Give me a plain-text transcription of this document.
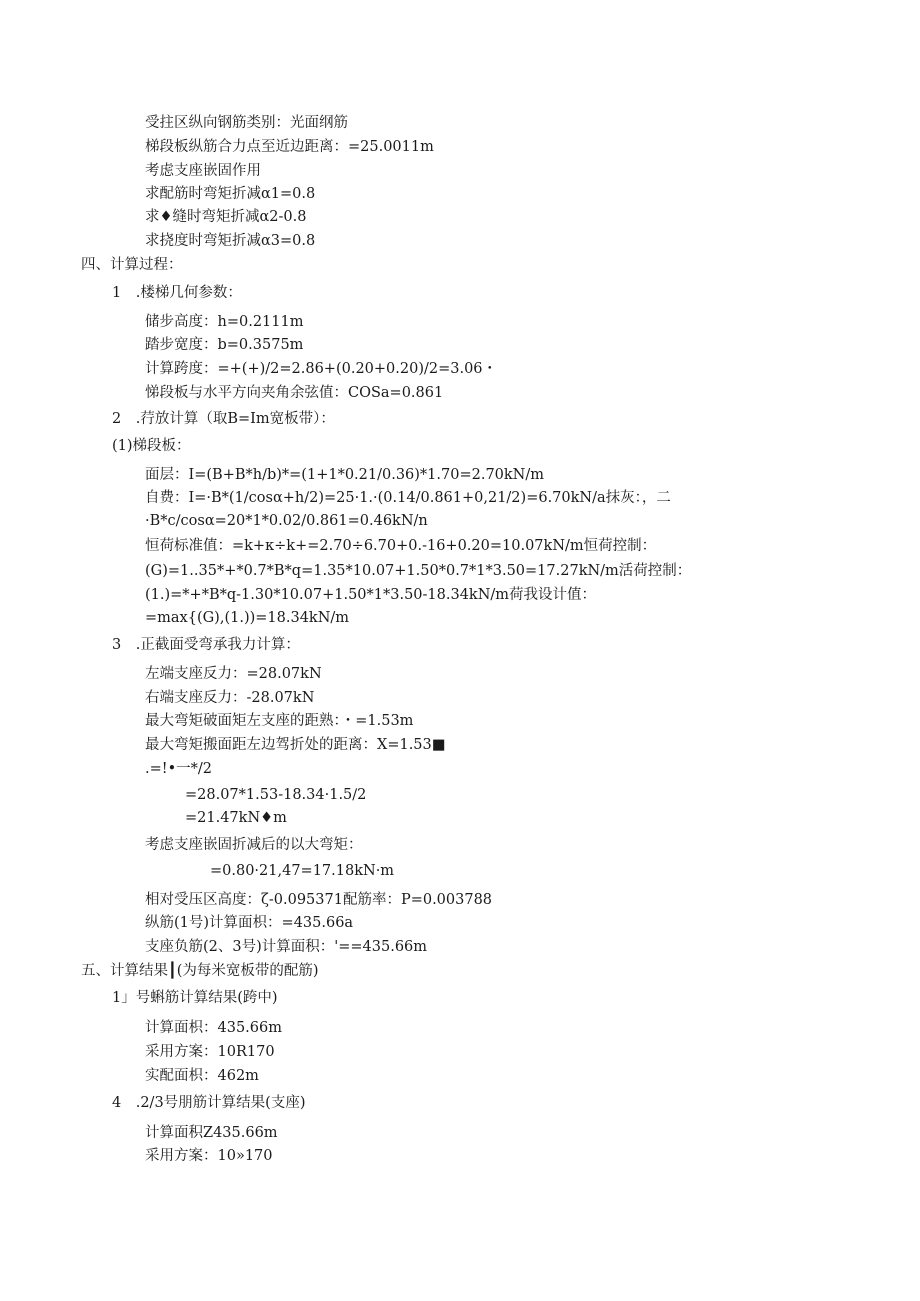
受拄区纵向钢筋类别：光面纲筋
梯段板纵筋合力点至近边距离：=25.0011m
考虑支座嵌固作用
求配筋时弯矩折减α1=0.8
求♦缝时弯矩折减α2-0.8
求挠度时弯矩折减α3=0.8
四、计算过程：
1　.楼梯几何参数：
储步高度：h=0.2111m
踏步宽度：b=0.3575m
计算跨度：=+(+)/2=2.86+(0.20+0.20)/2=3.06・
悌段板与水平方向夹角余弦值：COSa=0.861
2　.荇放计算（取B=Im宽板带）：
(1)梯段板：
面层：I=(B+B*h∕b)*=(1+1*0.21/0.36)*1.70=2.70kN/m
自费：I=·B*(1∕cosα+h∕2)=25·1.·(0.14/0.861+0,21/2)=6.70kN/a抹灰：，二
·B*c∕cosα=20*1*0.02/0.861=0.46kN/n
恒荷标准值：=k+κ÷k+=2.70÷6.70+0.-16+0.20=10.07kN/m恒荷控制：
(G)=1..35*+*0.7*B*q=1.35*10.07+1.50*0.7*1*3.50=17.27kN/m活荷控制：
(1.)=*+*B*q-1.30*10.07+1.50*1*3.50-18.34kN/m荷我设计值：
=max{(G),(1.))=18.34kN/m
3　.正截面受弯承我力计算：
左端支座反力：=28.07kN
右端支座反力：-28.07kN
最大弯矩破面矩左支座的距熟：・=1.53m
最大弯矩搬面距左边驾折处的距离：X=1.53■
.=!•一*/2
=28.07*1.53-18.34·1.5∕2
=21.47kN♦m
考虑支座嵌固折减后的以大弯矩：
=0.80·21,47=17.18kN·m
相对受压区高度：ζ-0.095371配筋率：P=0.003788
纵筋(1号)计算面枳：=435.66a
支座负筋(2、3号)计算面积：'==435.66m
五、计算结果┃(为每米宽板带的配筋)
1」号蝌筋计算结果(跨中)
计算面枳：435.66m
采用方案：10R170
实配面枳：462m
4　.2/3号朋筋计算结果(支座)
计算面积Z435.66m
采用方案：10»170
